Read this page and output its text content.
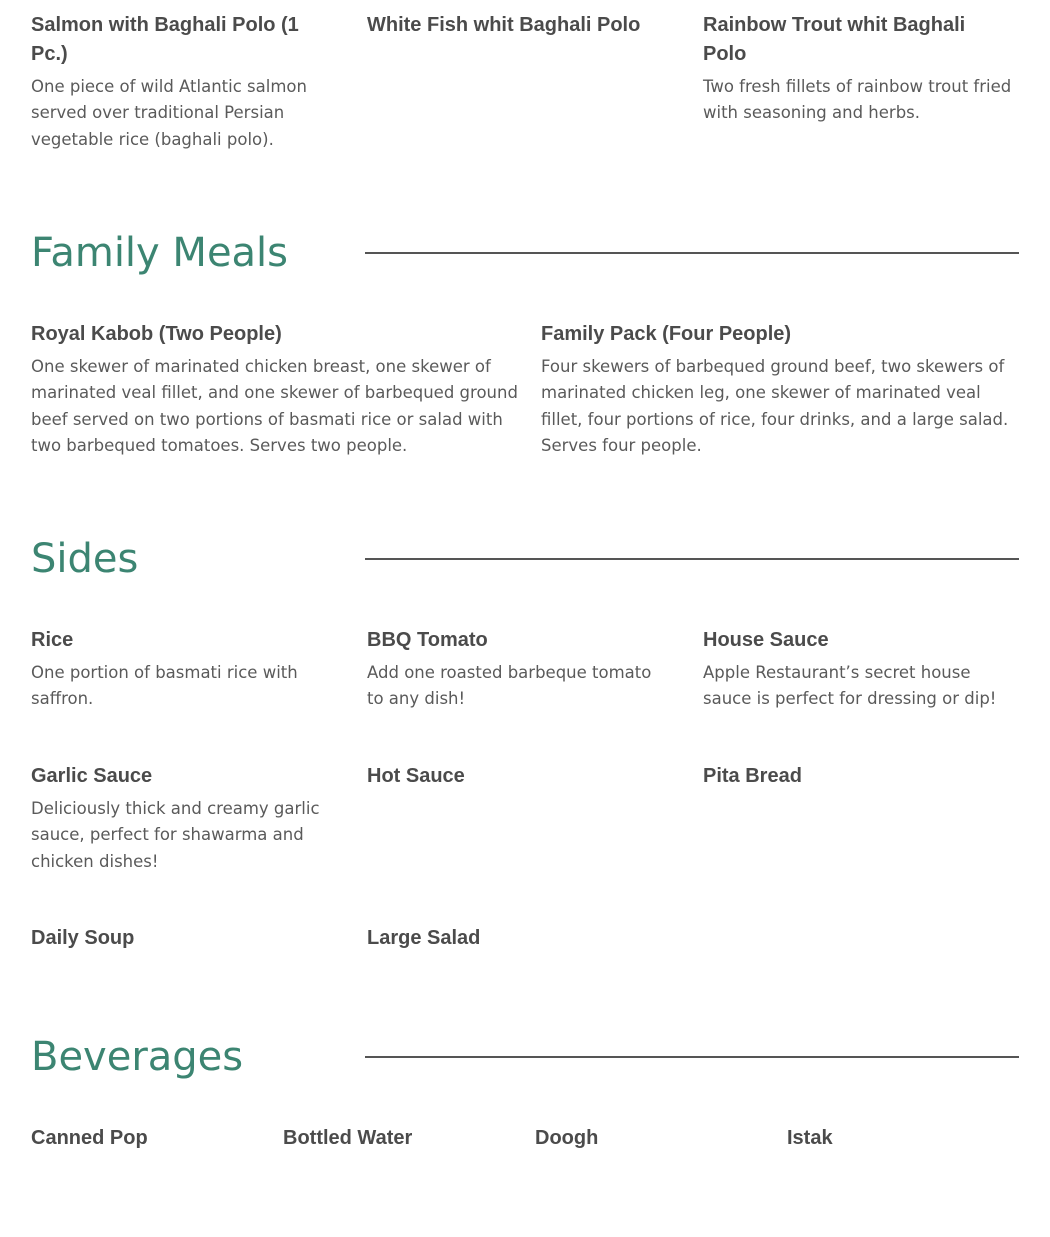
Salmon with Baghali Polo (1 Pc.)
One piece of wild Atlantic salmon served over traditional Persian vegetable rice (baghali polo).
White Fish whit Baghali Polo	Rainbow Trout whit Baghali Polo
Two fresh fillets of rainbow trout fried with seasoning and herbs.
Family Meals
Royal Kabob (Two People)
One skewer of marinated chicken breast, one skewer of marinated veal fillet, and one skewer of barbequed ground beef served on two portions of basmati rice or salad with two barbequed tomatoes. Serves two people.
Family Pack (Four People)
Four skewers of barbequed ground beef, two skewers of marinated chicken leg, one skewer of marinated veal fillet, four portions of rice, four drinks, and a large salad. Serves four people.
Sides
Rice
One portion of basmati rice with saffron.
BBQ Tomato
Add one roasted barbeque tomato to any dish!
House Sauce
Apple Restaurant’s secret house sauce is perfect for dressing or dip!
Garlic Sauce
Deliciously thick and creamy garlic sauce, perfect for shawarma and chicken dishes!
Hot Sauce	Pita Bread
Daily Soup	Large Salad
Beverages
Canned Pop	Bottled Water	Doogh	Istak
